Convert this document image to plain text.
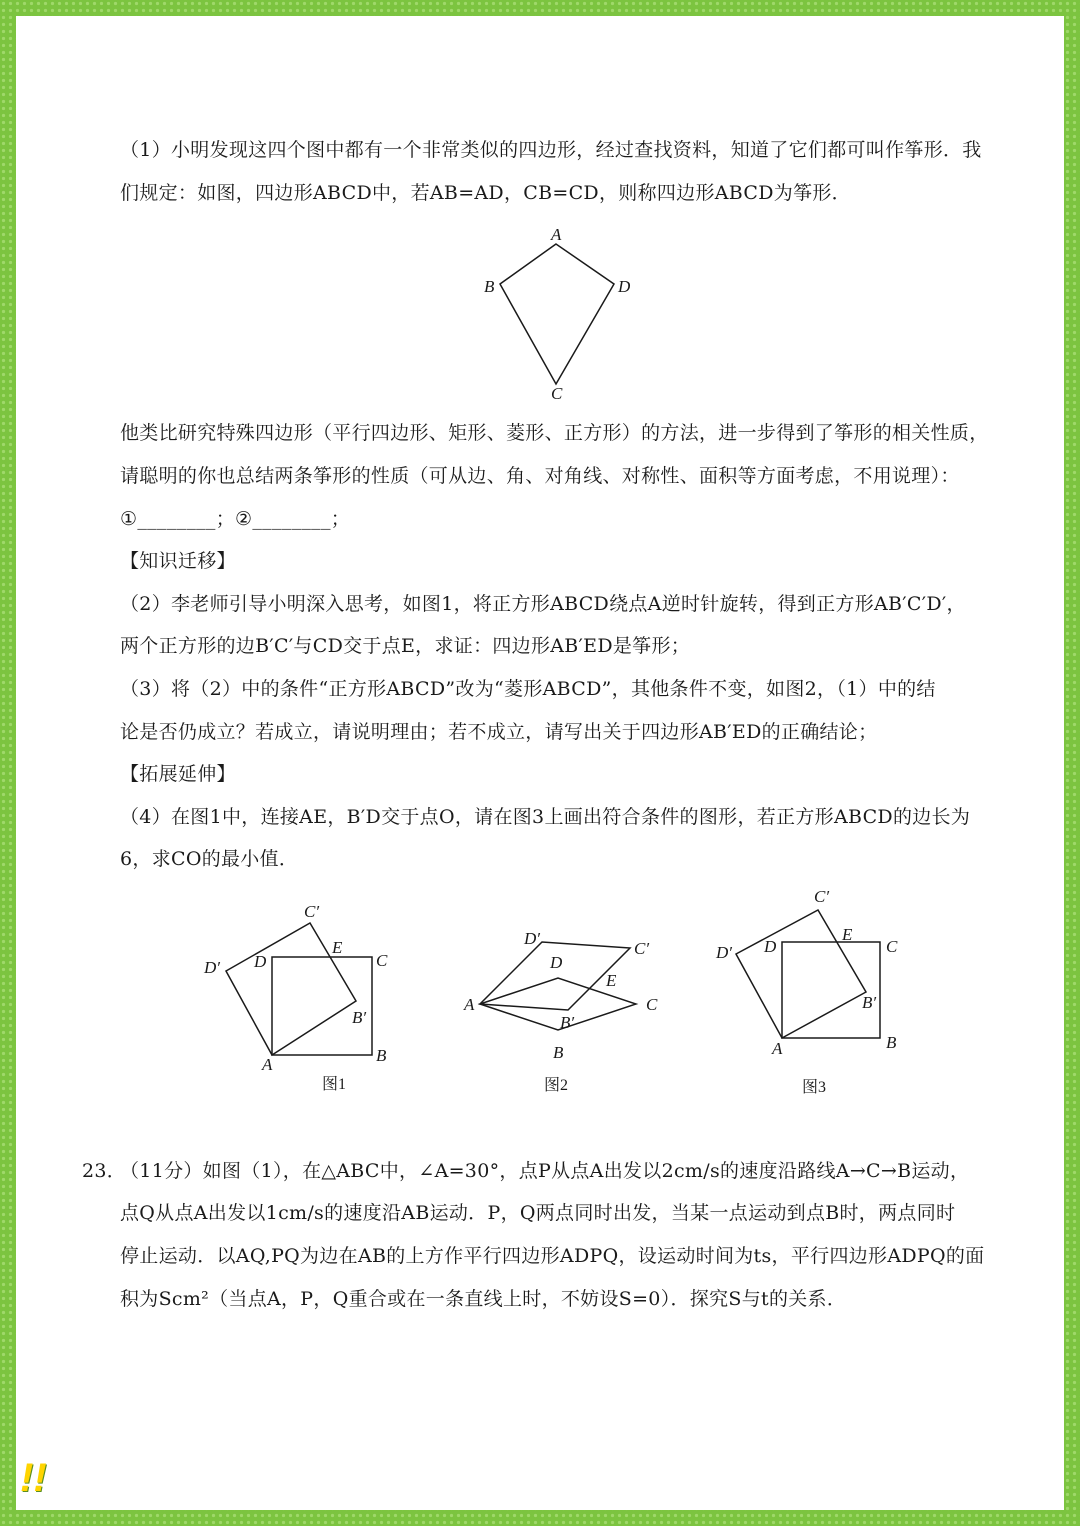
（1）小明发现这四个图中都有一个非常类似的四边形，经过查找资料，知道了它们都可叫作筝形．我
们规定：如图，四边形ABCD中，若AB=AD，CB=CD，则称四边形ABCD为筝形．
A
B
C
D
他类比研究特殊四边形（平行四边形、矩形、菱形、正方形）的方法，进一步得到了筝形的相关性质，
请聪明的你也总结两条筝形的性质（可从边、角、对角线、对称性、面积等方面考虑，不用说理）：
①________；②________；
【知识迁移】
（2）李老师引导小明深入思考，如图1，将正方形ABCD绕点A逆时针旋转，得到正方形AB′C′D′，
两个正方形的边B′C′与CD交于点E，求证：四边形AB′ED是筝形；
（3）将（2）中的条件“正方形ABCD”改为“菱形ABCD”，其他条件不变，如图2，（1）中的结
论是否仍成立？若成立，请说明理由；若不成立，请写出关于四边形AB′ED的正确结论；
【拓展延伸】
（4）在图1中，连接AE，B′D交于点O，请在图3上画出符合条件的图形，若正方形ABCD的边长为
6，求CO的最小值．
A	B
C
D
E
B′
C′
D′
图1
A
B
C
D
E
B′
C′
D′
图2
A	B
C
D
E
B′
C′
D′
图3
23．
（11分）如图（1），在△ABC中，∠A=30°，点P从点A出发以2cm/s的速度沿路线A→C→B运动，
点Q从点A出发以1cm/s的速度沿AB运动．P，Q两点同时出发，当某一点运动到点B时，两点同时
停止运动．以AQ,PQ为边在AB的上方作平行四边形ADPQ，设运动时间为ts，平行四边形ADPQ的面
积为Scm²（当点A，P，Q重合或在一条直线上时，不妨设S=0）．探究S与t的关系．
!!
